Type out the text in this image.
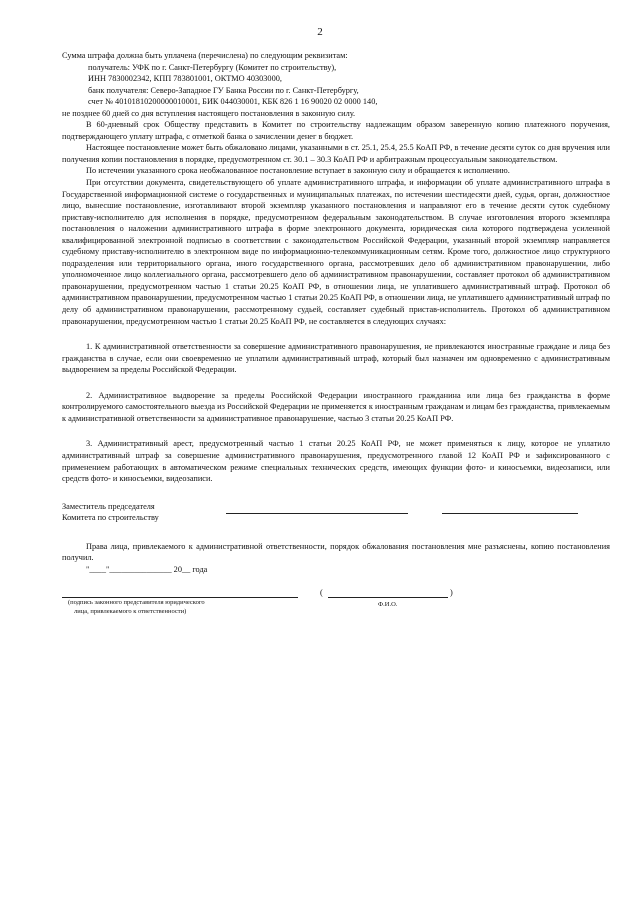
2

Сумма штрафа должна быть уплачена (перечислена) по следующим реквизитам:

получатель: УФК по г. Санкт-Петербургу (Комитет по строительству),

ИНН 7830002342, КПП 783801001, ОКТМО 40303000,

банк получателя: Северо-Западное ГУ Банка России по г. Санкт-Петербургу,

счет № 40101810200000010001, БИК 044030001, КБК 826 1 16 90020 02 0000 140,

не позднее 60 дней со дня вступления настоящего постановления в законную силу.

В 60-дневный срок Обществу представить в Комитет по строительству надлежащим образом заверенную копию платежного поручения, подтверждающего уплату штрафа, с отметкой банка о зачислении денег в бюджет.

Настоящее постановление может быть обжаловано лицами, указанными в ст. 25.1, 25.4, 25.5 КоАП РФ, в течение десяти суток со дня вручения или получения копии постановления в порядке, предусмотренном ст. 30.1 – 30.3 КоАП РФ и арбитражным процессуальным законодательством.

По истечении указанного срока необжалованное постановление вступает в законную силу и обращается к исполнению.

При отсутствии документа, свидетельствующего об уплате административного штрафа, и информации об уплате административного штрафа в Государственной информационной системе о государственных и муниципальных платежах, по истечении шестидесяти дней, судья, орган, должностное лицо, вынесшие постановление, изготавливают второй экземпляр указанного постановления и направляют его в течение десяти суток судебному приставу-исполнителю для исполнения в порядке, предусмотренном федеральным законодательством. В случае изготовления второго экземпляра постановления о наложении административного штрафа в форме электронного документа, юридическая сила которого подтверждена усиленной квалифицированной электронной подписью в соответствии с законодательством Российской Федерации, указанный второй экземпляр направляется судебному приставу-исполнителю в электронном виде по информационно-телекоммуникационным сетям. Кроме того, должностное лицо структурного подразделения или территориального органа, иного государственного органа, рассмотревших дело об административном правонарушении, либо уполномоченное лицо коллегиального органа, рассмотревшего дело об административном правонарушении, составляет протокол об административном правонарушении, предусмотренном частью 1 статьи 20.25 КоАП РФ, в отношении лица, не уплатившего административный штраф. Протокол об административном правонарушении, предусмотренном частью 1 статьи 20.25 КоАП РФ, в отношении лица, не уплатившего административный штраф по делу об административном правонарушении, рассмотренному судьей, составляет судебный пристав-исполнитель. Протокол об административном правонарушении, предусмотренном частью 1 статьи 20.25 КоАП РФ, не составляется в следующих случаях:

1. К административной ответственности за совершение административного правонарушения, не привлекаются иностранные граждане и лица без гражданства в случае, если они своевременно не уплатили административный штраф, который был назначен им одновременно с административным выдворением за пределы Российской Федерации.

2. Административное выдворение за пределы Российской Федерации иностранного гражданина или лица без гражданства в форме контролируемого самостоятельного выезда из Российской Федерации не применяется к иностранным гражданам и лицам без гражданства, привлекаемым к административной ответственности за административное правонарушение, частью 3 статьи 20.25 КоАП РФ.

3. Административный арест, предусмотренный частью 1 статьи 20.25 КоАП РФ, не может применяться к лицу, которое не уплатило административный штраф за совершение административного правонарушения, предусмотренного главой 12 КоАП РФ и зафиксированного с применением работающих в автоматическом режиме специальных технических средств, имеющих функции фото- и киносъемки, видеозаписи, или средств фото- и киносъемки, видеозаписи.

Заместитель председателя
Комитета по строительству

Права лица, привлекаемого к административной ответственности, порядок обжалования постановления мне разъяснены, копию постановления получил.

"____"_______________ 20__ года

(	)
(подпись законного представителя юридического
лица, привлекаемого к ответственности)
Ф.И.О.
